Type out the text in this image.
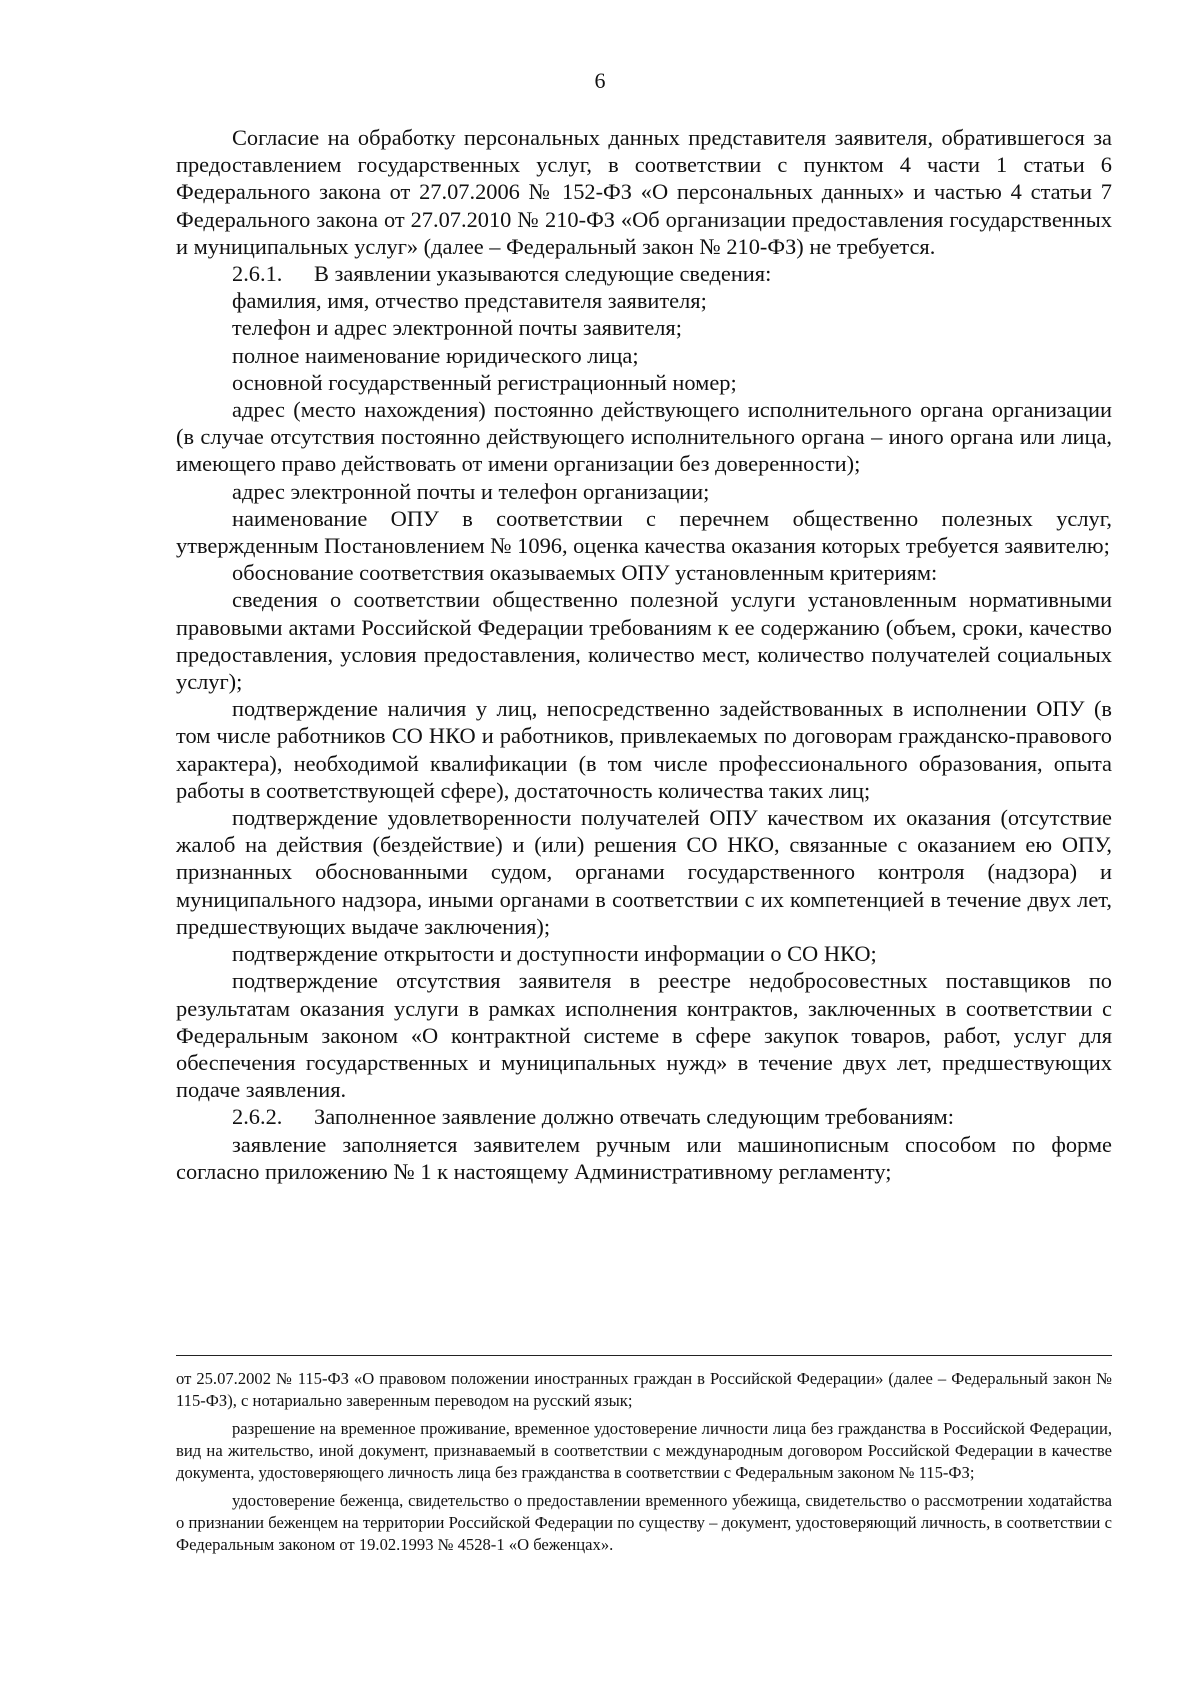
6

Согласие на обработку персональных данных представителя заявителя, обратившегося за предоставлением государственных услуг, в соответствии с пунктом 4 части 1 статьи 6 Федерального закона от 27.07.2006 № 152-ФЗ «О персональных данных» и частью 4 статьи 7 Федерального закона от 27.07.2010 № 210-ФЗ «Об организации предоставления государственных и муниципальных услуг» (далее – Федеральный закон № 210-ФЗ) не требуется.

2.6.1. В заявлении указываются следующие сведения:

фамилия, имя, отчество представителя заявителя;

телефон и адрес электронной почты заявителя;

полное наименование юридического лица;

основной государственный регистрационный номер;

адрес (место нахождения) постоянно действующего исполнительного органа организации (в случае отсутствия постоянно действующего исполнительного органа – иного органа или лица, имеющего право действовать от имени организации без доверенности);

адрес электронной почты и телефон организации;

наименование ОПУ в соответствии с перечнем общественно полезных услуг, утвержденным Постановлением № 1096, оценка качества оказания которых требуется заявителю;

обоснование соответствия оказываемых ОПУ установленным критериям:

сведения о соответствии общественно полезной услуги установленным нормативными правовыми актами Российской Федерации требованиям к ее содержанию (объем, сроки, качество предоставления, условия предоставления, количество мест, количество получателей социальных услуг);

подтверждение наличия у лиц, непосредственно задействованных в исполнении ОПУ (в том числе работников СО НКО и работников, привлекаемых по договорам гражданско-правового характера), необходимой квалификации (в том числе профессионального образования, опыта работы в соответствующей сфере), достаточность количества таких лиц;

подтверждение удовлетворенности получателей ОПУ качеством их оказания (отсутствие жалоб на действия (бездействие) и (или) решения СО НКО, связанные с оказанием ею ОПУ, признанных обоснованными судом, органами государственного контроля (надзора) и муниципального надзора, иными органами в соответствии с их компетенцией в течение двух лет, предшествующих выдаче заключения);

подтверждение открытости и доступности информации о СО НКО;

подтверждение отсутствия заявителя в реестре недобросовестных поставщиков по результатам оказания услуги в рамках исполнения контрактов, заключенных в соответствии с Федеральным законом «О контрактной системе в сфере закупок товаров, работ, услуг для обеспечения государственных и муниципальных нужд» в течение двух лет, предшествующих подаче заявления.

2.6.2. Заполненное заявление должно отвечать следующим требованиям:

заявление заполняется заявителем ручным или машинописным способом по форме согласно приложению № 1 к настоящему Административному регламенту;

от 25.07.2002 № 115-ФЗ «О правовом положении иностранных граждан в Российской Федерации» (далее – Федеральный закон № 115-ФЗ), с нотариально заверенным переводом на русский язык;

разрешение на временное проживание, временное удостоверение личности лица без гражданства в Российской Федерации, вид на жительство, иной документ, признаваемый в соответствии с международным договором Российской Федерации в качестве документа, удостоверяющего личность лица без гражданства в соответствии с Федеральным законом № 115-ФЗ;

удостоверение беженца, свидетельство о предоставлении временного убежища, свидетельство о рассмотрении ходатайства о признании беженцем на территории Российской Федерации по существу – документ, удостоверяющий личность, в соответствии с Федеральным законом от 19.02.1993 № 4528-1 «О беженцах».
